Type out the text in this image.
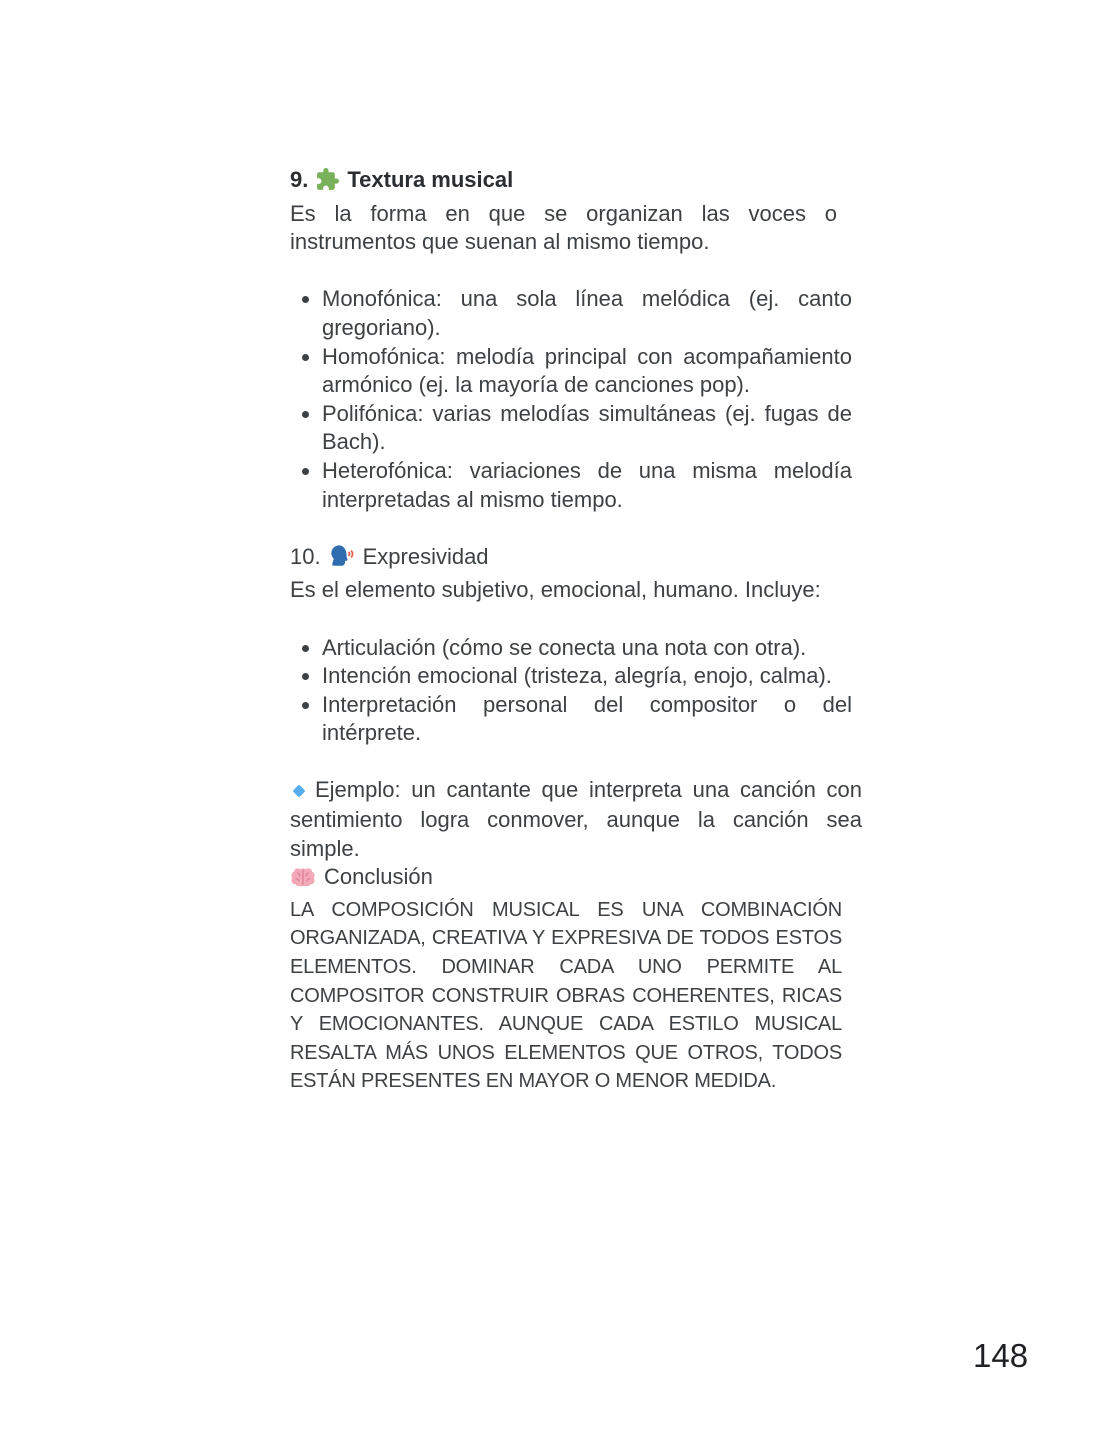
9. Textura musical

Es la forma en que se organizan las voces o instrumentos que suenan al mismo tiempo.

• Monofónica: una sola línea melódica (ej. canto gregoriano).
• Homofónica: melodía principal con acompañamiento armónico (ej. la mayoría de canciones pop).
• Polifónica: varias melodías simultáneas (ej. fugas de Bach).
• Heterofónica: variaciones de una misma melodía interpretadas al mismo tiempo.

10. Expresividad

Es el elemento subjetivo, emocional, humano. Incluye:

• Articulación (cómo se conecta una nota con otra).
• Intención emocional (tristeza, alegría, enojo, calma).
• Interpretación personal del compositor o del intérprete.

Ejemplo: un cantante que interpreta una canción con sentimiento logra conmover, aunque la canción sea simple.

Conclusión

LA COMPOSICIÓN MUSICAL ES UNA COMBINACIÓN ORGANIZADA, CREATIVA Y EXPRESIVA DE TODOS ESTOS ELEMENTOS. DOMINAR CADA UNO PERMITE AL COMPOSITOR CONSTRUIR OBRAS COHERENTES, RICAS Y EMOCIONANTES. AUNQUE CADA ESTILO MUSICAL RESALTA MÁS UNOS ELEMENTOS QUE OTROS, TODOS ESTÁN PRESENTES EN MAYOR O MENOR MEDIDA.

148
